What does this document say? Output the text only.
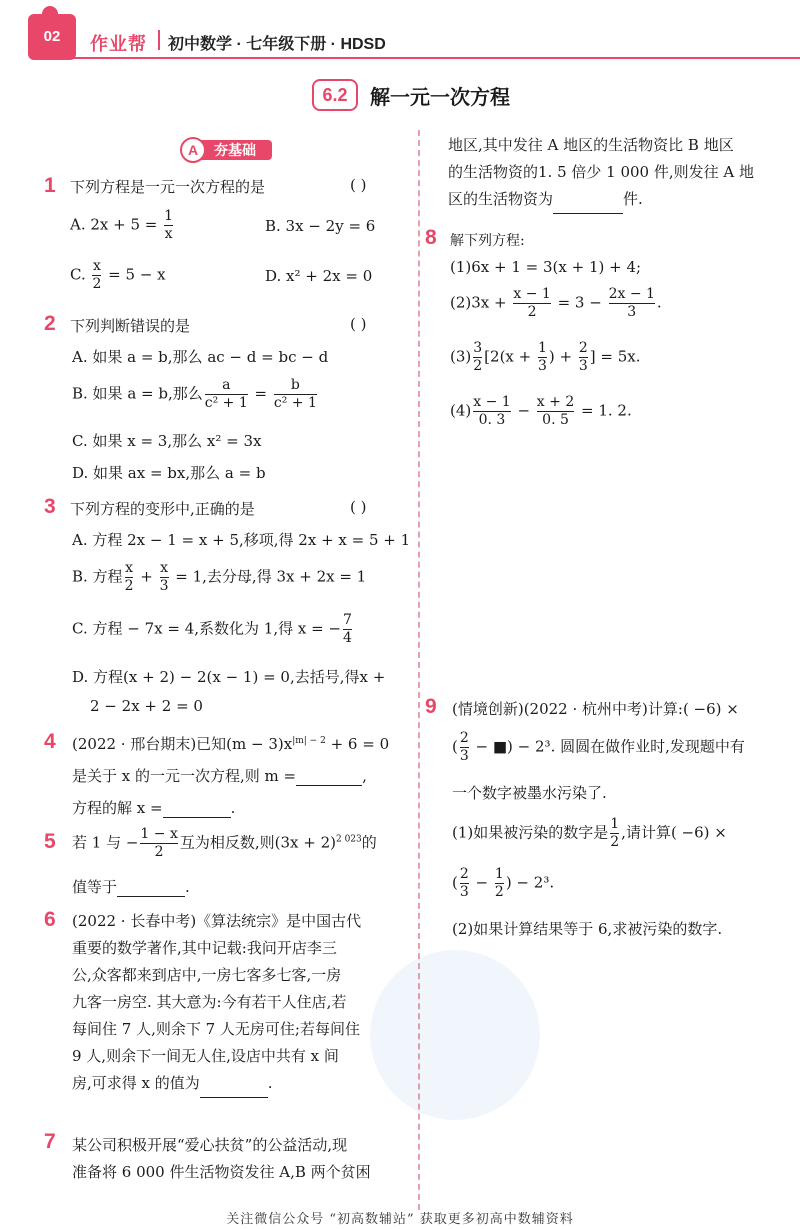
02	作业帮 初中数学 · 七年级下册 · HDSD
6.2	解一元一次方程
夯基础
A
1 下列方程是一元一次方程的是	( )
A. $2x + 5 = \frac{1}{x}$	B. 3x − 2y = 6
C. $\frac{x}{2} = 5 - x$	D. x² + 2x = 0
2 下列判断错误的是	( )
A. 如果 a = b,那么 ac − d = bc − d
B. 如果 a = b,那么 $\frac{a}{\text{c² + 1}} = \frac{b}{\text{c² + 1}}$
C. 如果 x = 3,那么 x² = 3x
D. 如果 ax = bx,那么 a = b
3 下列方程的变形中,正确的是	( )
A. 方程 2x − 1 = x + 5,移项,得 2x + x = 5 + 1
B. 方程 $\frac{x}{2} + \frac{x}{3} = 1$,去分母,得 3x + 2x = 1
C. 方程 − 7x = 4,系数化为 1,得 x = − $\frac{7}{4}$
D. 方程(x + 2) − 2(x − 1) = 0,去括号,得x +
2 − 2x + 2 = 0
4 (2022 · 邢台期末)已知$(m - 3)x^{|m| - 2} + 6 = 0$
是关于 x 的一元一次方程,则 m =	,
方程的解 x =	.
5 若 1 与 − $\frac{1 - x}{2}$ 互为相反数,则$(3x + 2)^{2 023}$的
值等于	.
6 (2022 · 长春中考)《算法统宗》是中国古代
重要的数学著作,其中记载:我问开店李三
公,众客都来到店中,一房七客多七客,一房
九客一房空. 其大意为:今有若干人住店,若
每间住 7 人,则余下 7 人无房可住;若每间住
9 人,则余下一间无人住,设店中共有 x 间
房,可求得 x 的值为	.
7 某公司积极开展“爱心扶贫”的公益活动,现
准备将 6 000 件生活物资发往 A,B 两个贫困
地区,其中发往 A 地区的生活物资比 B 地区
的生活物资的1. 5 倍少 1 000 件,则发往 A 地
区的生活物资为	件.
8 解下列方程:
(1)6x + 1 = 3(x + 1) + 4;
$(2)3x + \frac{x - 1}{2} = 3 - \frac{2x - 1}{3}$ .
$(3) \frac{3}{2} [2(x + \frac{1}{3}$ ) + $\frac{2}{3}$ ] = 5x.
$(4) \frac{x - 1}{0. 3} - \frac{x + 2}{0. 5} = 1$. 2.
9 (情境创新)(2022 · 杭州中考)计算:( −6) ×
( $\frac{2}{3}$ − ■) − 2³. 圆圆在做作业时,发现题中有
一个数字被墨水污染了.
(1)如果被污染的数字是 $\frac{1}{2}$ ,请计算( −6) ×
( $\frac{2}{3} - \frac{1}{2}$ ) − 2³.
(2)如果计算结果等于 6,求被污染的数字.
关注微信公众号 “初高数辅站” 获取更多初高中数辅资料
